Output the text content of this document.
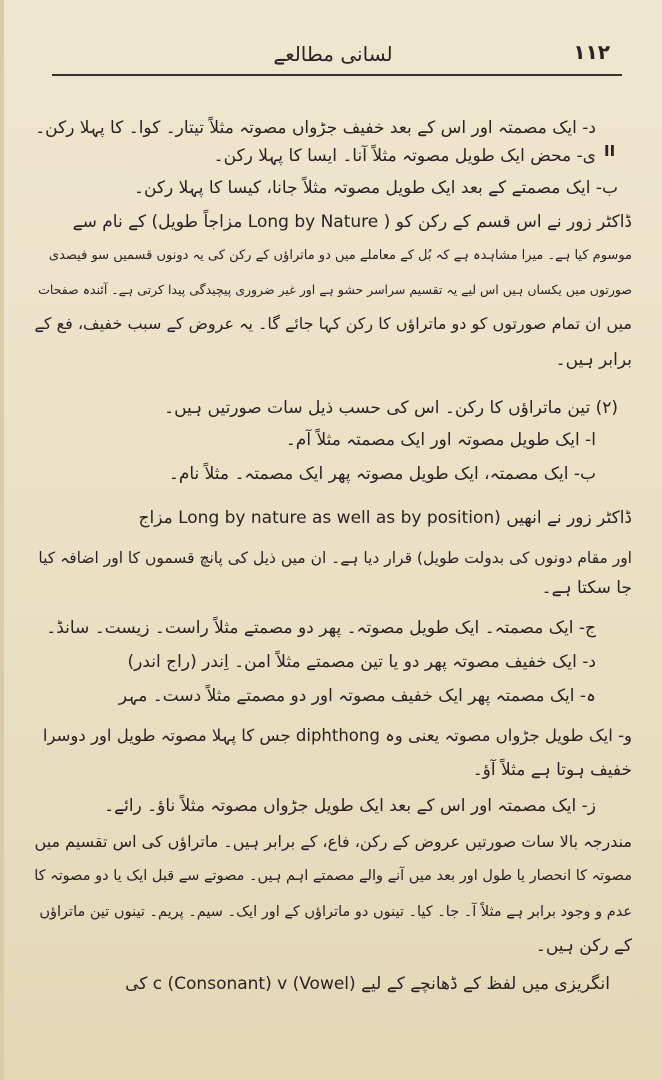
۱۱۲
لسانی مطالعے
II
د- ایک مصمتہ اور اس کے بعد خفیف جڑواں مصوتہ مثلاً تیتار۔ کوا۔ کا پہلا رکن۔
ی- محض ایک طویل مصوتہ مثلاً آنا۔ ایسا کا پہلا رکن۔
ب- ایک مصمتے کے بعد ایک طویل مصوتہ مثلاً جانا، کیسا کا پہلا رکن۔
ڈاکٹر زور نے اس قسم کے رکن کو ( Long by Nature مزاجاً طویل) کے نام سے
موسوم کیا ہے۔ میرا مشاہدہ ہے کہ بُل کے معاملے میں دو ماتراؤں کے رکن کی یہ دونوں قسمیں سو فیصدی
صورتوں میں یکساں ہیں اس لیے یہ تقسیم سراسر حشو ہے اور غیر ضروری پیچیدگی پیدا کرتی ہے۔ آئندہ صفحات
میں ان تمام صورتوں کو دو ماتراؤں کا رکن کہا جائے گا۔ یہ عروض کے سبب خفیف، فع کے
برابر ہیں۔
(۲) تین ماتراؤں کا رکن۔ اس کی حسب ذیل سات صورتیں ہیں۔
ا- ایک طویل مصوتہ اور ایک مصمتہ مثلاً آم۔
ب- ایک مصمتہ، ایک طویل مصوتہ پھر ایک مصمتہ۔ مثلاً نام۔
ڈاکٹر زور نے انھیں (Long by nature as well as by position مزاج
اور مقام دونوں کی بدولت طویل) قرار دیا ہے۔ ان میں ذیل کی پانچ قسموں کا اور اضافہ کیا
جا سکتا ہے۔
ج- ایک مصمتہ۔ ایک طویل مصوتہ۔ پھر دو مصمتے مثلاً راست۔ زیست۔ سانڈ۔
د- ایک خفیف مصوتہ پھر دو یا تین مصمتے مثلاً امن۔ اِندر (راج اندر)
ہ- ایک مصمتہ پھر ایک خفیف مصوتہ اور دو مصمتے مثلاً دست۔ مہر
و- ایک طویل جڑواں مصوتہ یعنی وہ diphthong جس کا پہلا مصوتہ طویل اور دوسرا
خفیف ہوتا ہے مثلاً آؤ۔
ز- ایک مصمتہ اور اس کے بعد ایک طویل جڑواں مصوتہ مثلاً ناؤ۔ رائے۔
مندرجہ بالا سات صورتیں عروض کے رکن، فاع، کے برابر ہیں۔ ماتراؤں کی اس تقسیم میں
مصوتہ کا انحصار یا طول اور بعد میں آنے والے مصمتے اہم ہیں۔ مصوتے سے قبل ایک یا دو مصوتہ کا
عدم و وجود برابر ہے مثلاً آ۔ جا۔ کیا۔ تینوں دو ماتراؤں کے اور ایک۔ سیم۔ پریم۔ تینوں تین ماتراؤں
کے رکن ہیں۔
انگریزی میں لفظ کے ڈھانچے کے لیے c (Consonant) v (Vowel) کی
